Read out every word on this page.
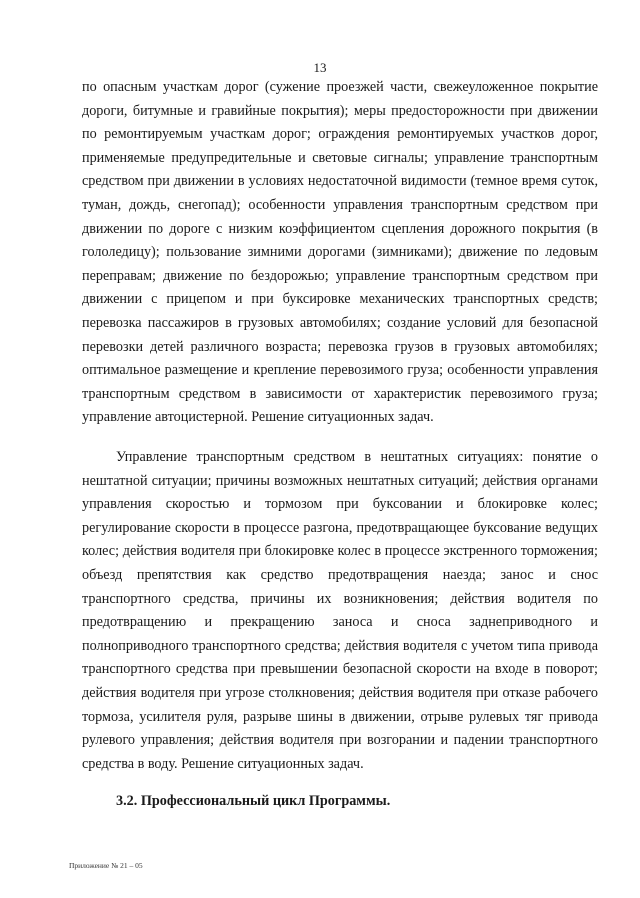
13

по опасным участкам дорог (сужение проезжей части, свежеуложенное покрытие дороги, битумные и гравийные покрытия); меры предосторожности при движении по ремонтируемым участкам дорог; ограждения ремонтируемых участков дорог, применяемые предупредительные и световые сигналы; управление транспортным средством при движении в условиях недостаточной видимости (темное время суток, туман, дождь, снегопад); особенности управления транспортным средством при движении по дороге с низким коэффициентом сцепления дорожного покрытия (в гололедицу); пользование зимними дорогами (зимниками); движение по ледовым переправам; движение по бездорожью; управление транспортным средством при движении с прицепом и при буксировке механических транспортных средств; перевозка пассажиров в грузовых автомобилях; создание условий для безопасной перевозки детей различного возраста; перевозка грузов в грузовых автомобилях; оптимальное размещение и крепление перевозимого груза; особенности управления транспортным средством в зависимости от характеристик перевозимого груза; управление автоцистерной. Решение ситуационных задач.

Управление транспортным средством в нештатных ситуациях: понятие о нештатной ситуации; причины возможных нештатных ситуаций; действия органами управления скоростью и тормозом при буксовании и блокировке колес; регулирование скорости в процессе разгона, предотвращающее буксование ведущих колес; действия водителя при блокировке колес в процессе экстренного торможения; объезд препятствия как средство предотвращения наезда; занос и снос транспортного средства, причины их возникновения; действия водителя по предотвращению и прекращению заноса и сноса заднеприводного и полноприводного транспортного средства; действия водителя с учетом типа привода транспортного средства при превышении безопасной скорости на входе в поворот; действия водителя при угрозе столкновения; действия водителя при отказе рабочего тормоза, усилителя руля, разрыве шины в движении, отрыве рулевых тяг привода рулевого управления; действия водителя при возгорании и падении транспортного средства в воду. Решение ситуационных задач.

3.2. Профессиональный цикл Программы.

Приложение № 21 – 05
